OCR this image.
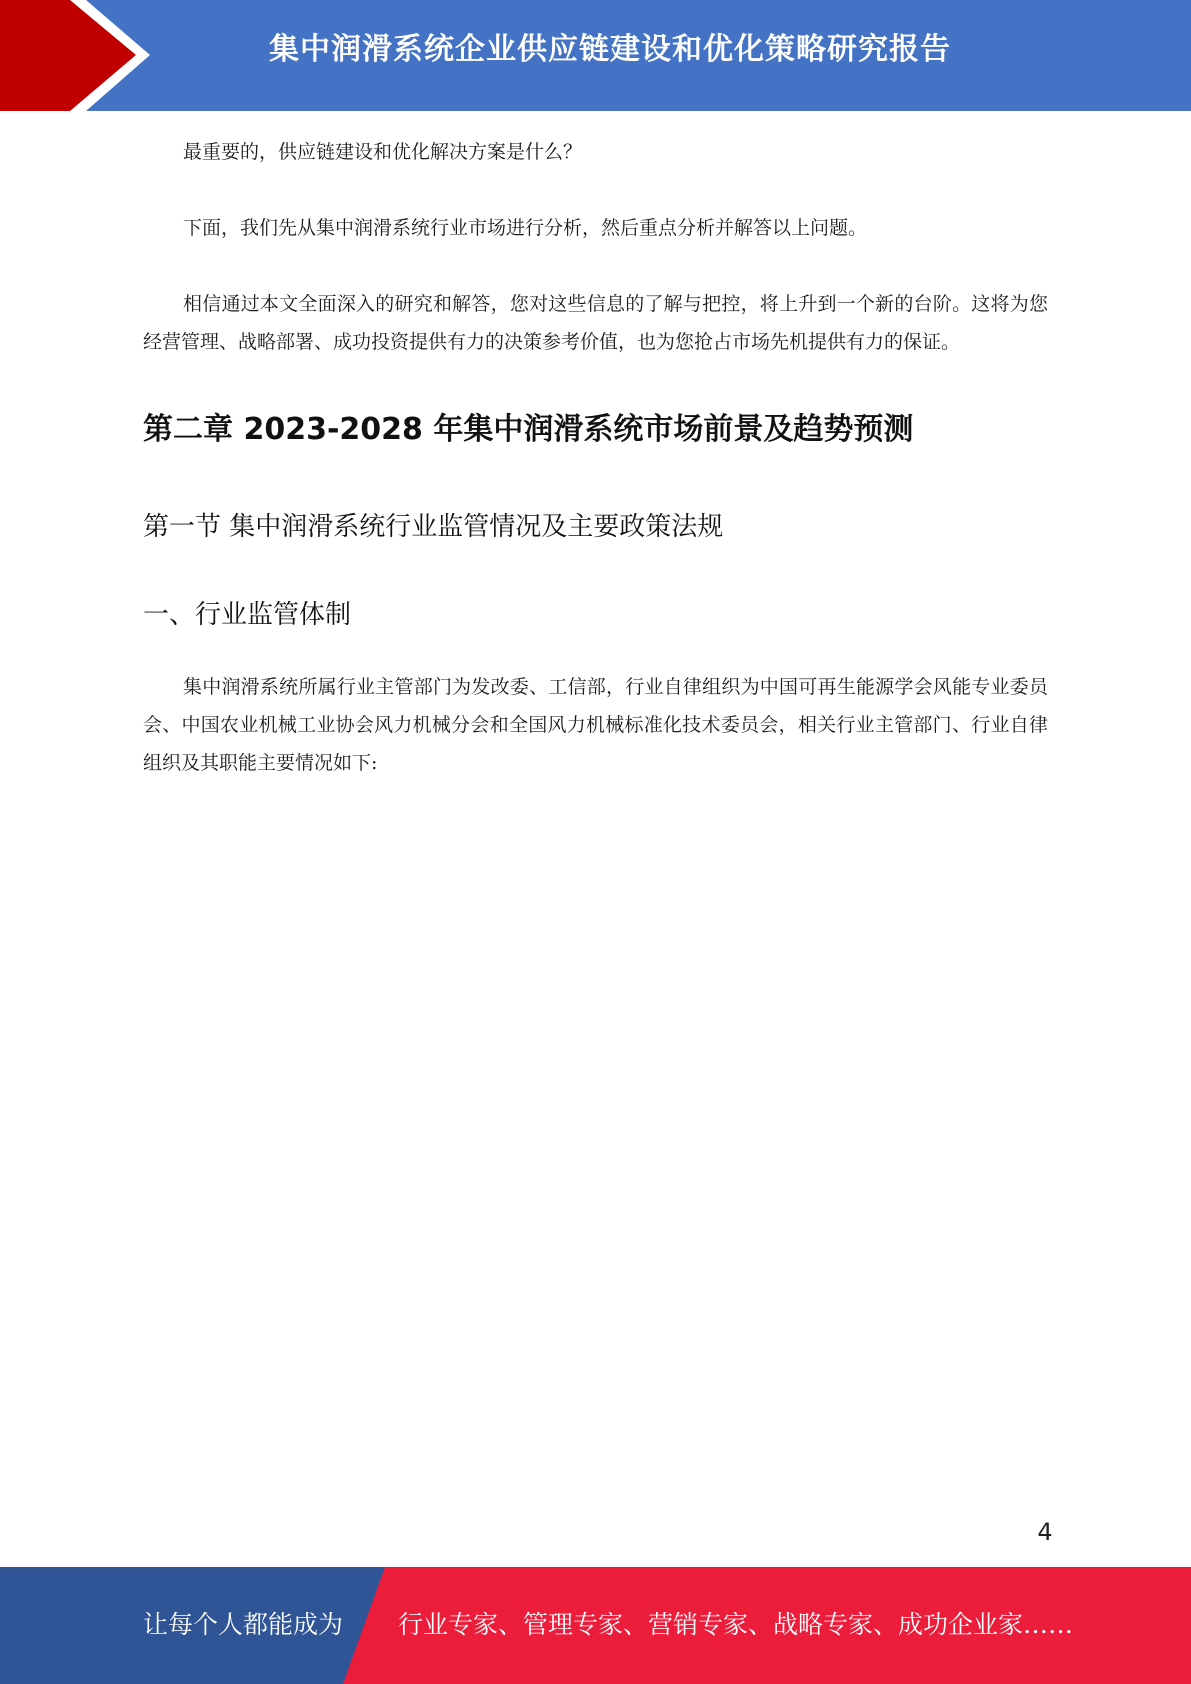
集中润滑系统企业供应链建设和优化策略研究报告

最重要的，供应链建设和优化解决方案是什么？

下面，我们先从集中润滑系统行业市场进行分析，然后重点分析并解答以上问题。

相信通过本文全面深入的研究和解答，您对这些信息的了解与把控，将上升到一个新的台阶。这将为您经营管理、战略部署、成功投资提供有力的决策参考价值，也为您抢占市场先机提供有力的保证。

第二章 2023-2028 年集中润滑系统市场前景及趋势预测
第一节 集中润滑系统行业监管情况及主要政策法规
一、行业监管体制

集中润滑系统所属行业主管部门为发改委、工信部，行业自律组织为中国可再生能源学会风能专业委员会、中国农业机械工业协会风力机械分会和全国风力机械标准化技术委员会，相关行业主管部门、行业自律组织及其职能主要情况如下:

4
让每个人都能成为 行业专家、管理专家、营销专家、战略专家、成功企业家……
